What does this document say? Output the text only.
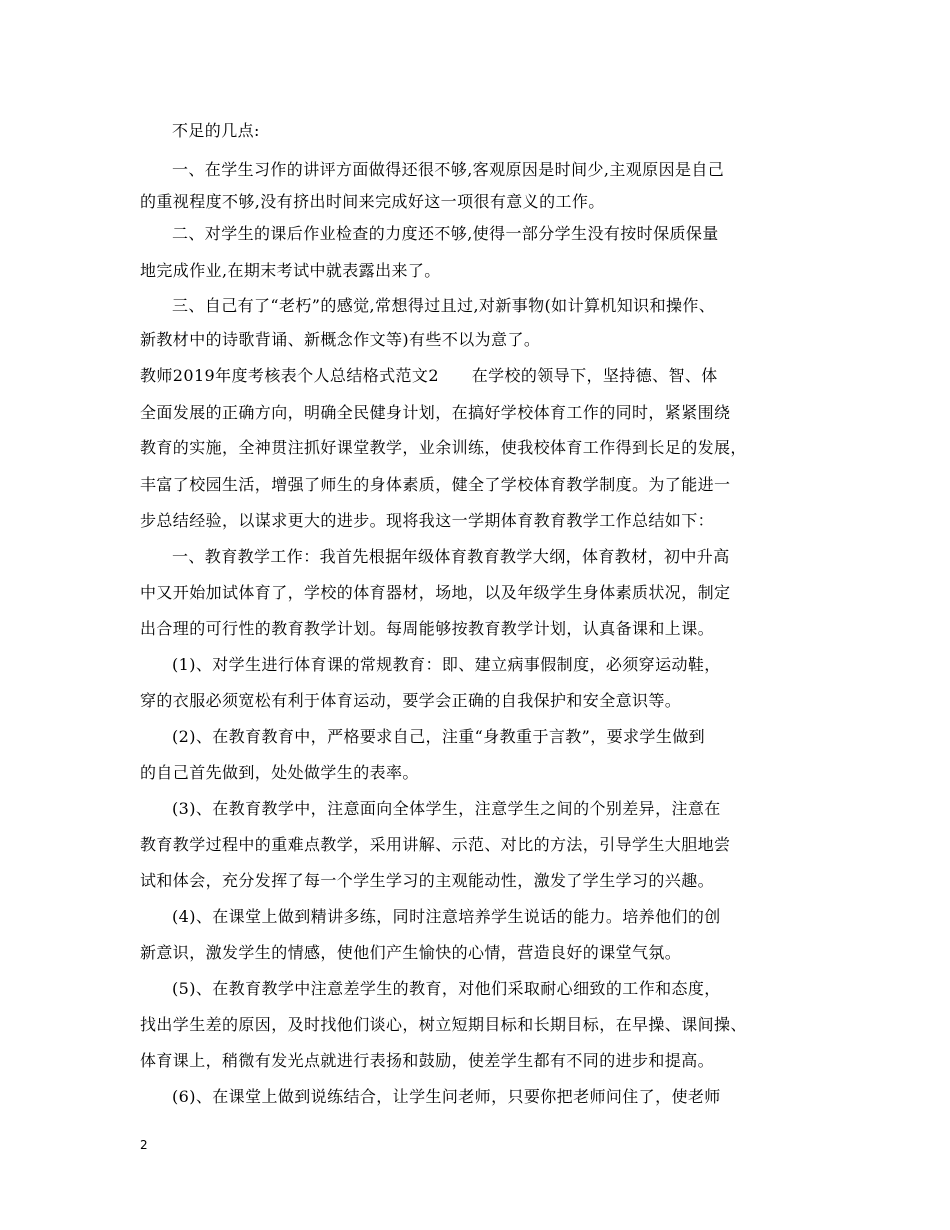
不足的几点:
一、在学生习作的讲评方面做得还很不够,客观原因是时间少,主观原因是自己
的重视程度不够,没有挤出时间来完成好这一项很有意义的工作。
二、对学生的课后作业检查的力度还不够,使得一部分学生没有按时保质保量
地完成作业,在期末考试中就表露出来了。
三、自己有了“老朽”的感觉,常想得过且过,对新事物(如计算机知识和操作、
新教材中的诗歌背诵、新概念作文等)有些不以为意了。
教师2019年度考核表个人总结格式范文2　　在学校的领导下，坚持德、智、体
全面发展的正确方向，明确全民健身计划，在搞好学校体育工作的同时，紧紧围绕
教育的实施，全神贯注抓好课堂教学，业余训练，使我校体育工作得到长足的发展，
丰富了校园生活，增强了师生的身体素质，健全了学校体育教学制度。为了能进一
步总结经验，以谋求更大的进步。现将我这一学期体育教育教学工作总结如下：
一、教育教学工作：我首先根据年级体育教育教学大纲，体育教材，初中升高
中又开始加试体育了，学校的体育器材，场地，以及年级学生身体素质状况，制定
出合理的可行性的教育教学计划。每周能够按教育教学计划，认真备课和上课。
(1)、对学生进行体育课的常规教育：即、建立病事假制度，必须穿运动鞋，
穿的衣服必须宽松有利于体育运动，要学会正确的自我保护和安全意识等。
(2)、在教育教育中，严格要求自己，注重“身教重于言教”，要求学生做到
的自己首先做到，处处做学生的表率。
(3)、在教育教学中，注意面向全体学生，注意学生之间的个别差异，注意在
教育教学过程中的重难点教学，采用讲解、示范、对比的方法，引导学生大胆地尝
试和体会，充分发挥了每一个学生学习的主观能动性，激发了学生学习的兴趣。
(4)、在课堂上做到精讲多练，同时注意培养学生说话的能力。培养他们的创
新意识，激发学生的情感，使他们产生愉快的心情，营造良好的课堂气氛。
(5)、在教育教学中注意差学生的教育，对他们采取耐心细致的工作和态度，
找出学生差的原因，及时找他们谈心，树立短期目标和长期目标，在早操、课间操、
体育课上，稍微有发光点就进行表扬和鼓励，使差学生都有不同的进步和提高。
(6)、在课堂上做到说练结合，让学生问老师，只要你把老师问住了，使老师
2
